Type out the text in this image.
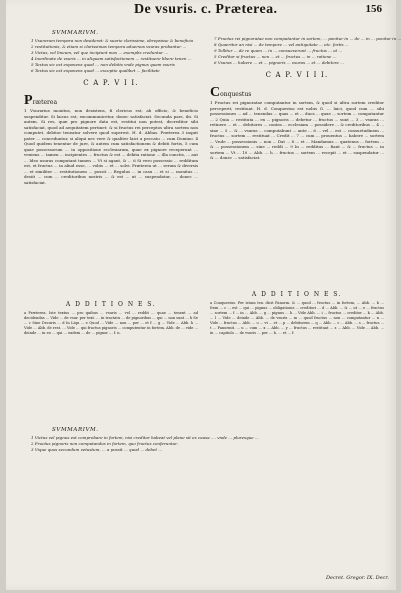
De vsuris. c. Præterea.	156
SVMMARIVM.
1 Vsurarum tempora non desiderat: & suarie clarissime, obrepsisse & beneficia
2 restitutionis, & etiam si clarissimas tempora aduersus vsuras probantur ...
3 Victus, vel lineum, vel que incipiunt mox ... exemplis creduntur ...
4 Inordinate de vsuris ... in aliquam satisfactionem ... restituere libere tenen ...
5 Textus sic est exponens quod ... non debitis vnde pignus quam vsuris
6 Textus sic est exponens quod ... exceptio qualibet ... facilitate
C A P. V I I.
Præterea

1 Vsurarius monitus, non desistens, fi clericus est, ab officio, & beneficio suspenditur. Si laicus est, excommunicetur, donec satisfaciat. Secunda pars, ibi. Si autem. Si res, quæ pro pignore data est, restitui non potest, decreditor sibi satisfaciat, quod ad aequitatem pertinet: & si fructus rei perceptos ultra sortem non computet, debitor teneatur solvere quod superest. H. d. Abbas. Præterea 3 inquit pater ... conceduntur, si aliqui nec vere & qualiter laici a peccato ... cum Domino. 4 Quod quidem tenentur de jure, & autem cum satisfactionem & debiti fortis, 5 cum quae possessorum ... in oppositione ecclesiarum, quae ex pignore receperunt ... veniens ... tamen ... incipientes ... fructus & est ... debita ratione ... illa cunctis, ... aut ... Ideo usuras computant tamen ... Vt si agant, & ... 6 Si vero possessio ... redditum est, et fructus ... in aliud esse, ... vobis ... et ... solvi. Præterea ut ... rerum & diversis ... et similiter ... restitutionem ... possit ... Regulus ... in casu ... et si ... monitus ... desiit ... cum ... creditoribus nostris ... & est ... ut ... suspendatur, ... donec ... satisfaciat.

A D D I T I O N E S.

a Præterea. Iste textus ... pro quibus ... vsuris ... vel ... reddit ... quae ... tenent ... ad decidendas ... Vide ... de vsur. per text. ... in tractatu ... de pignoribus ... qui ... non sunt ... b Se ... c Sine Decuris ... d In Liqu ... e Quod ... Vide ... non ... per ... et f ... g ... Vide ... Abb. h ... Vide ... Abb. de rest. ... Vide ... qui fructus pignoris ... computentur in fortem, Abb. de ... vide ... deinde ... in eo ... qui ... eadem ... de ... pignor ... f. n.

SVMMARIVM.
1 Victus vel pignus est comprobare in fortem, nisi creditor habeat vel plane sit ex causa .... vnde ... pluresque ...
2 Fructus pignoris non computandos in fortem, quo fructus conferuntur.
3 Vique quos secundum vetustum, ... a possit ... quod ... debet ...
7 Fructus rei pignoratae non computantur in sortem, ... ponitur in ... de ... in ... ponitur in ...
8 Quaeritur an nisi ... de tempore ... vel antiquitate ... etc. fortis ...
9 Tollitur ... de re quam ... in ... consueverunt ... fructus ... et ...
5 Creditor si fructus ... non ... et ... fructus ... in ... ratione ...
6 Vsuras ... habere ... et ... pignoris ... vsuras ... et ... debitore ...
C A P. V I I I.
Conquestus

1 Fructus rei pignoratae computantur in sortem, & quod si ultra sortem creditor perceperit, restituat. H. d. Conquestus est nobis G. ... laici, quod cum ... sibi possessiones ... ad ... tenendas ... quas ... et ... duos ... quae ... sortem ... computantur ... 2 Quia ... restituta ... ex ... pignoris ... debetur ... fructus ... sunt ... 3 ... vsuras ... retinere ... et ... debitores ... contra ... ecclesiam ... possidere ... & creditoribus ... 4 ... sine ... 5 ... & ... vsuras ... computabunt ... ante ... 6 ... vel ... est ... consuetudinem ... fructus ... sortem ... restituat ... Credit ... 7 ... cum ... prouentus ... habere ... sortem ... Vnde ... possessionis ... non ... Dat ... 8 ... et ... Mandamus ... quatenus ... fortem ... & ... possessionem ... sine ... reddi ... 9 In ... redditus ... fiant ... & ... fructus ... in sortem ... Vt ... 10 ... Abb. ... h ... fructus ... sortem ... recepit ... et ... suspendatur ... & ... donec ... satisfaciat.

A D D I T I O N E S.

a Conquestus. Per istum tex. dicit Panorm. & ... quod ... fructus ... in fortem, ... Abb. ... b ... Item ... c ... est ... qui ... pignus ... obligationis ... creditori ... d ... Abb. ... & ... ut ... e ... fructus ... sortem ... f ... in ... Abb. ... g ... pignus ... h ... Vide Abb. ... i ... fructus ... creditor ... k ... Abb. ... l ... Vide ... deinde ... Abb. ... de vsuris ... m ... quod fructus ... non ... computantur ... n ... Vide ... fructus ... Abb. ... o ... vt ... et ... p ... debitorem ... q ... Abb. ... r ... Abb. ... s ... fructus ... t ... Panormit. ... u ... cum ... x ... Abb. ... y ... fructus ... restituat ... z ... Abb. ... Vide ... Abb. ... in ... capitulo ... de vsuris ... per ... h. ... et ... f.

Decret. Gregor. IX. Decr.
